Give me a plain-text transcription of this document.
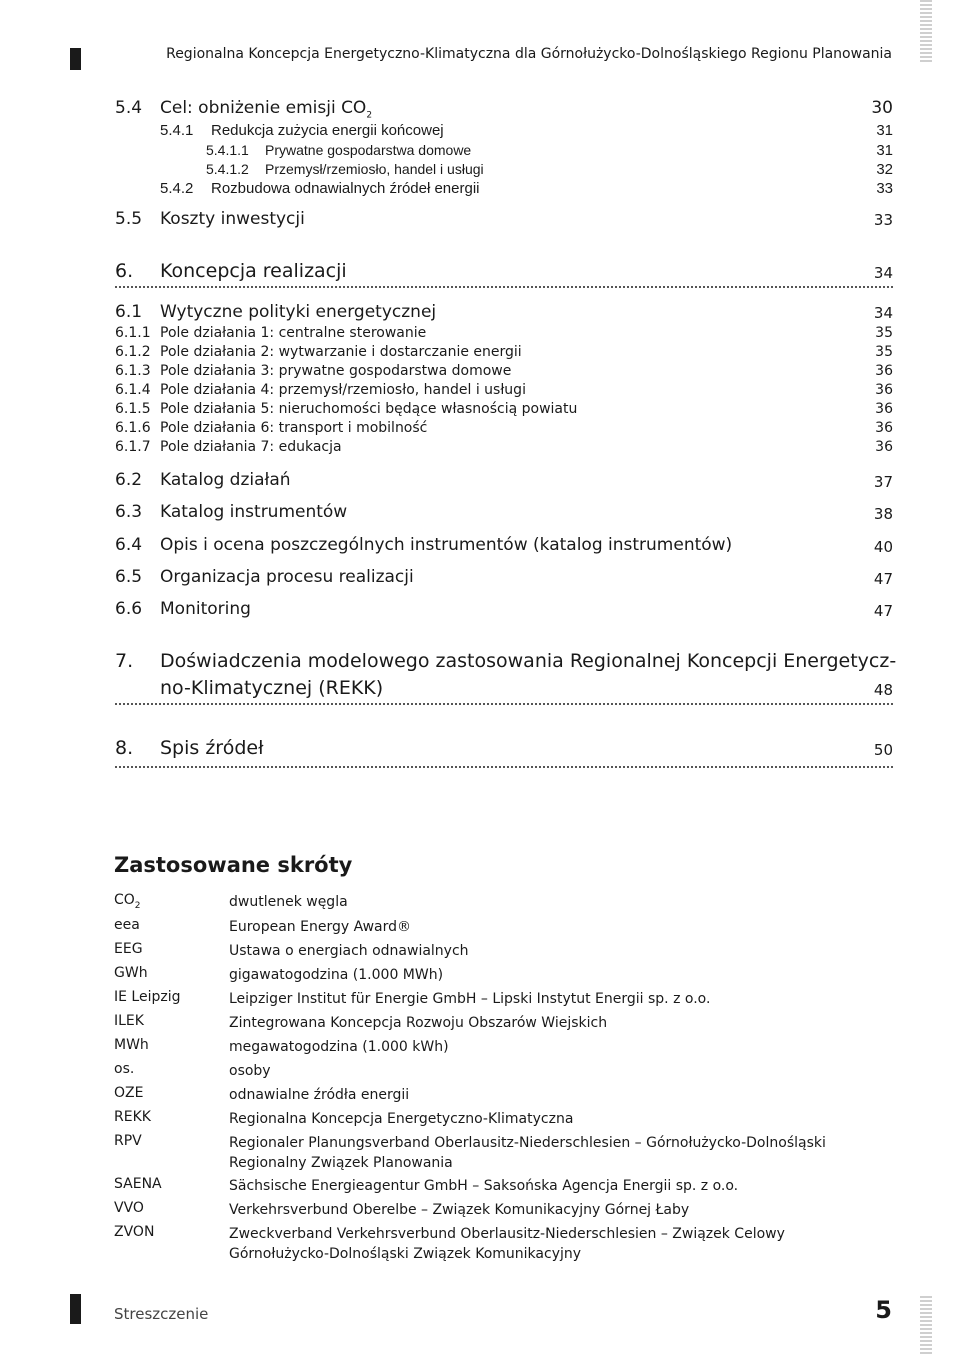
Regionalna Koncepcja Energetyczno-Klimatyczna dla Górnołużycko-Dolnośląskiego Regionu Planowania
5.4 Cel: obniżenie emisji $CO_2$	30
5.4.1 Redukcja zużycia energii końcowej	31
5.4.1.1 Prywatne gospodarstwa domowe	31
5.4.1.2 Przemysł/rzemiosło, handel i usługi	32
5.4.2 Rozbudowa odnawialnych źródeł energii	33
5.5 Koszty inwestycji	33
6. Koncepcja realizacji	34
6.1 Wytyczne polityki energetycznej	34
6.1.1 Pole działania 1: centralne sterowanie	35
6.1.2 Pole działania 2: wytwarzanie i dostarczanie energii	35
6.1.3 Pole działania 3: prywatne gospodarstwa domowe	36
6.1.4 Pole działania 4: przemysł/rzemiosło, handel i usługi	36
6.1.5 Pole działania 5: nieruchomości będące własnością powiatu	36
6.1.6 Pole działania 6: transport i mobilność	36
6.1.7 Pole działania 7: edukacja	36
6.2 Katalog działań	37
6.3 Katalog instrumentów	38
6.4 Opis i ocena poszczególnych instrumentów (katalog instrumentów)	40
6.5 Organizacja procesu realizacji	47
6.6 Monitoring	47
7. Doświadczenia modelowego zastosowania Regionalnej Koncepcji Energetycz-
no-Klimatycznej (REKK)	48
8. Spis źródeł	50
Zastosowane skróty
$CO_2$	dwutlenek węgla
eea	European Energy Award®
EEG	Ustawa o energiach odnawialnych
GWh	gigawatogodzina (1.000 MWh)
IE Leipzig	Leipziger Institut für Energie GmbH – Lipski Instytut Energii sp. z o.o.
ILEK	Zintegrowana Koncepcja Rozwoju Obszarów Wiejskich
MWh	megawatogodzina (1.000 kWh)
os.	osoby
OZE	odnawialne źródła energii
REKK	Regionalna Koncepcja Energetyczno-Klimatyczna
RPV	Regionaler Planungsverband Oberlausitz-Niederschlesien – Górnołużycko-Dolnośląski Regionalny Związek Planowania
SAENA	Sächsische Energieagentur GmbH – Saksońska Agencja Energii sp. z o.o.
VVO	Verkehrsverbund Oberelbe – Związek Komunikacyjny Górnej Łaby
ZVON	Zweckverband Verkehrsverbund Oberlausitz-Niederschlesien – Związek Celowy Górnołużycko-Dolnośląski Związek Komunikacyjny
Streszczenie	5
